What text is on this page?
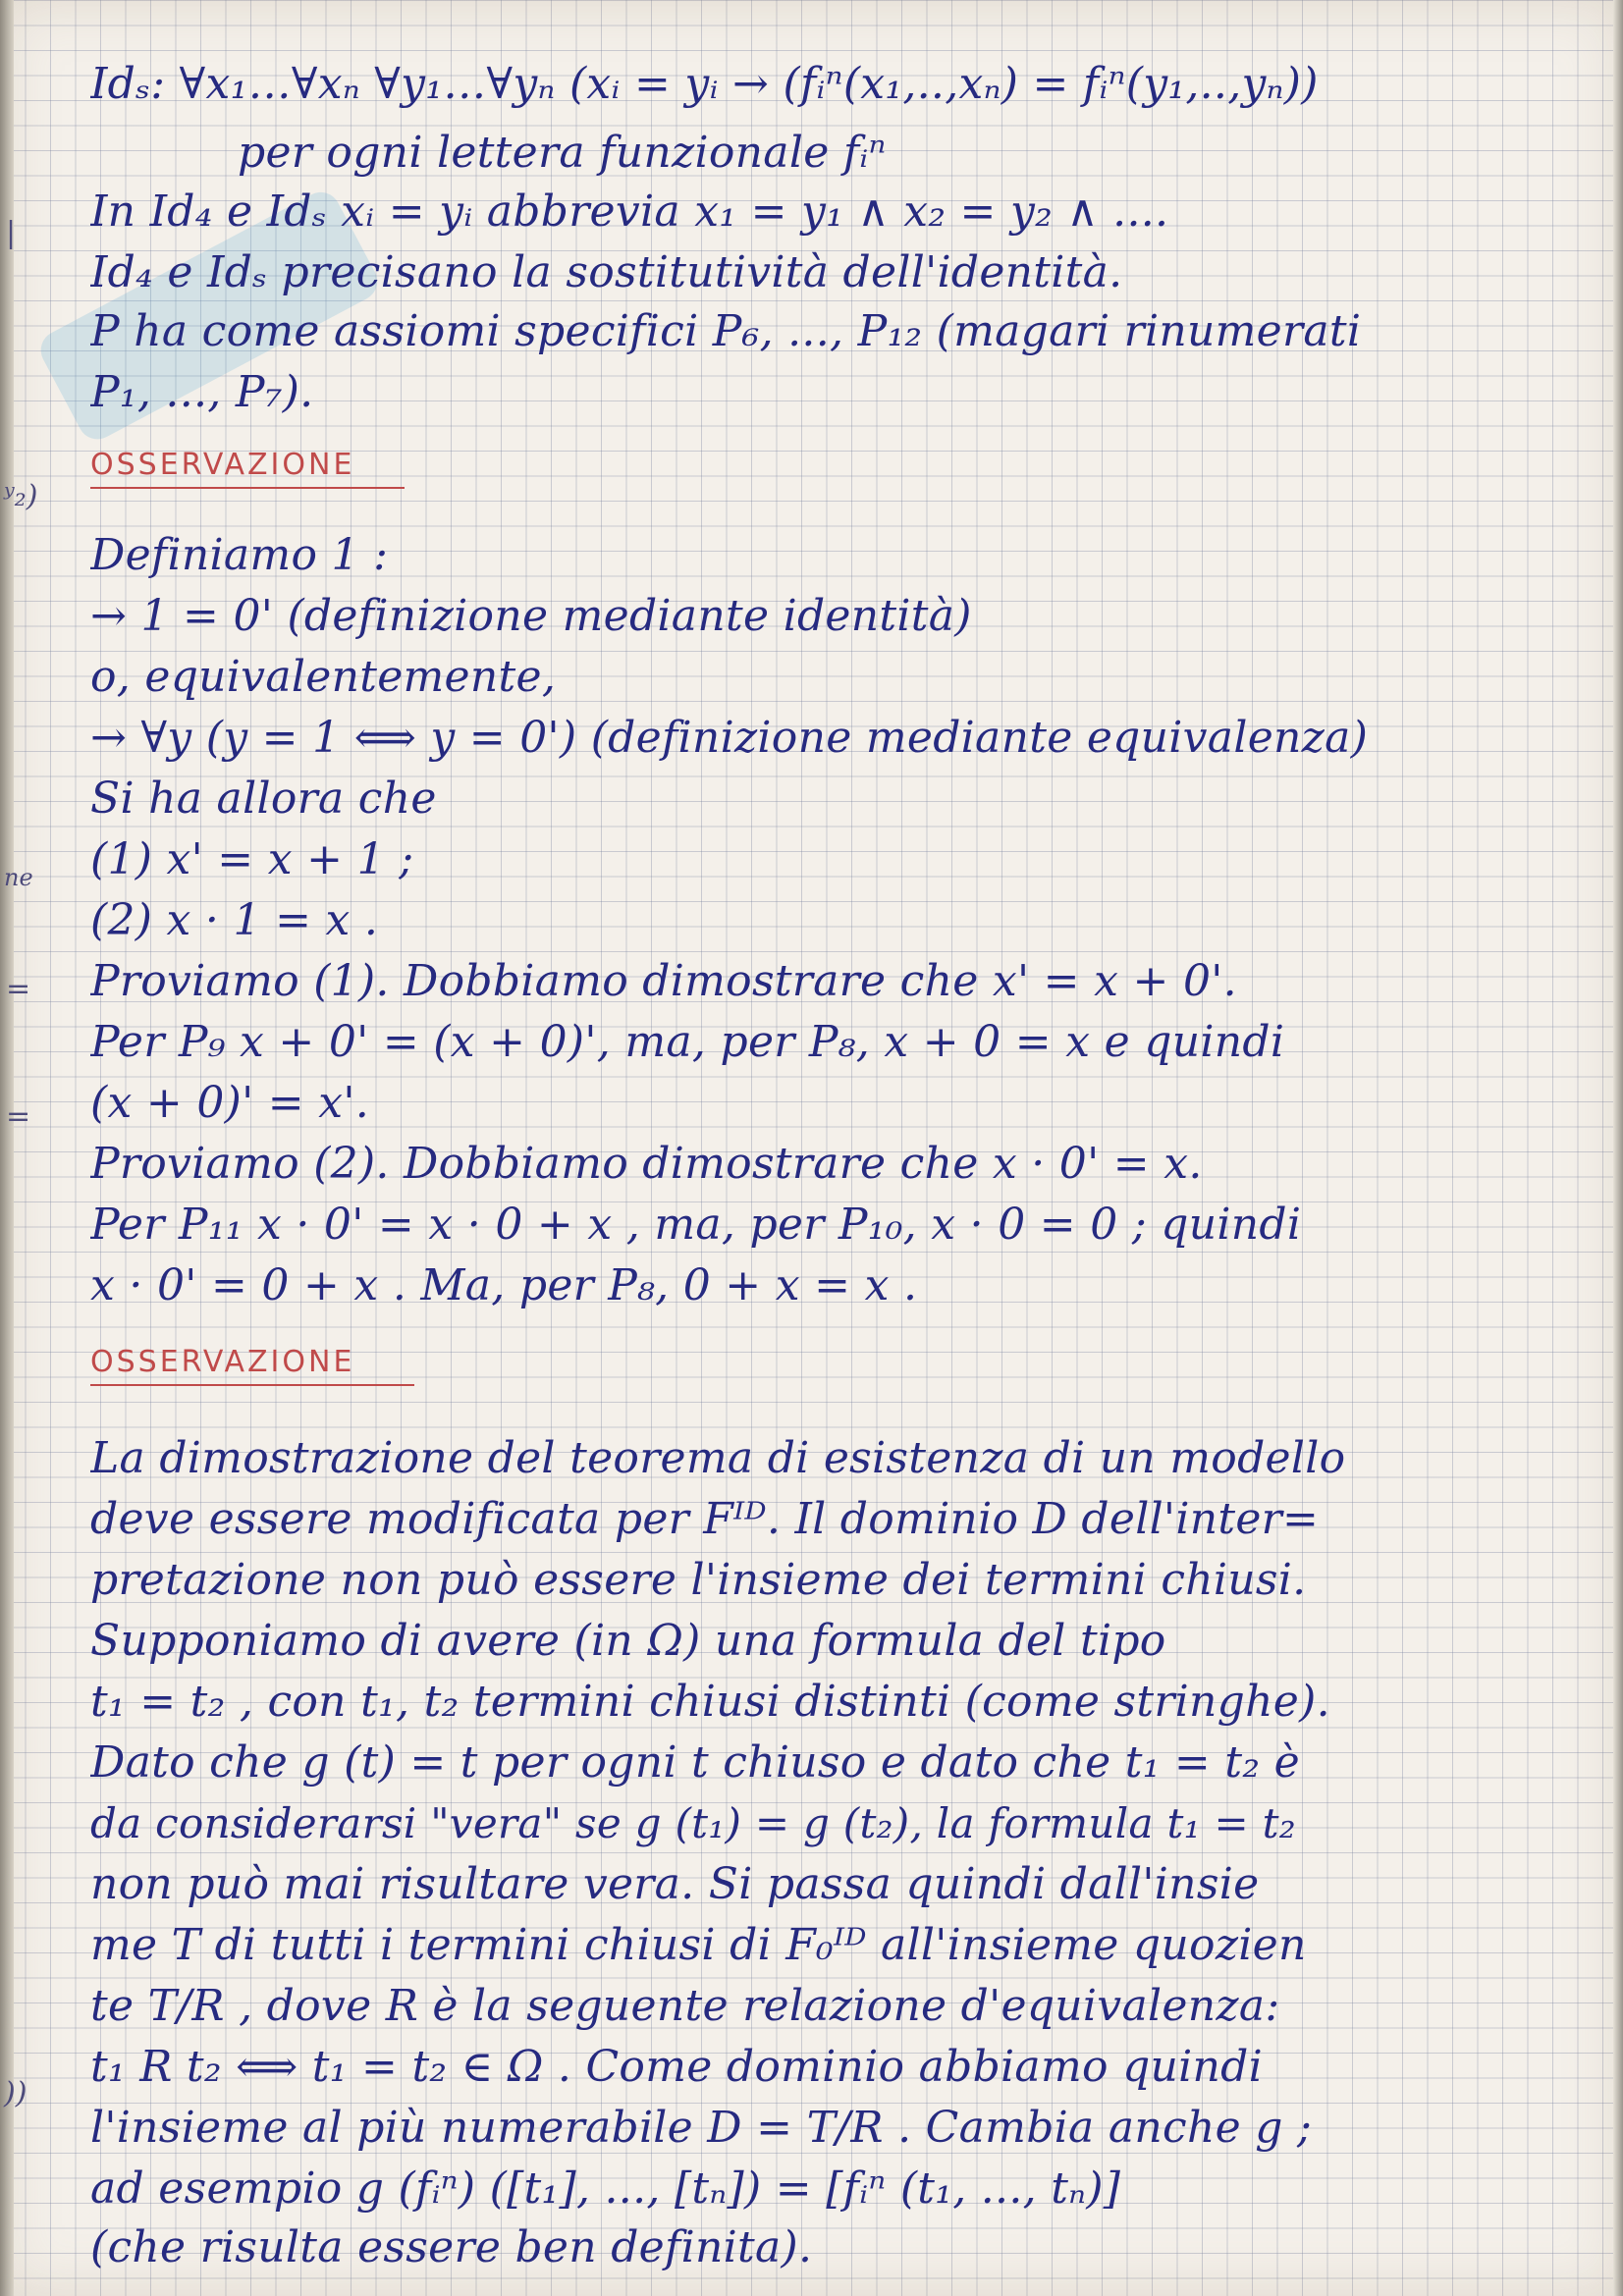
|
ʸ₂)
ne
=
=
))
Idₛ: ∀x₁…∀xₙ ∀y₁…∀yₙ (xᵢ = yᵢ → (fᵢⁿ(x₁,..,xₙ) = fᵢⁿ(y₁,..,yₙ))
per ogni lettera funzionale fᵢⁿ
In Id₄ e Idₛ xᵢ = yᵢ abbrevia x₁ = y₁ ∧ x₂ = y₂ ∧ ....
Id₄ e Idₛ precisano la sostitutività dell'identità.
P ha come assiomi specifici P₆, ..., P₁₂ (magari rinumerati
P₁, ..., P₇).
OSSERVAZIONE
Definiamo 1 :
→ 1 = 0' (definizione mediante identità)
o, equivalentemente,
→ ∀y (y = 1 ⟺ y = 0') (definizione mediante equivalenza)
Si ha allora che
(1) x' = x + 1 ;
(2) x · 1 = x .
Proviamo (1). Dobbiamo dimostrare che x' = x + 0'.
Per P₉ x + 0' = (x + 0)', ma, per P₈, x + 0 = x e quindi
(x + 0)' = x'.
Proviamo (2). Dobbiamo dimostrare che x · 0' = x.
Per P₁₁ x · 0' = x · 0 + x , ma, per P₁₀, x · 0 = 0 ; quindi
x · 0' = 0 + x . Ma, per P₈, 0 + x = x .
OSSERVAZIONE
La dimostrazione del teorema di esistenza di un modello
deve essere modificata per Fᴵᴰ. Il dominio D dell'inter=
pretazione non può essere l'insieme dei termini chiusi.
Supponiamo di avere (in Ω) una formula del tipo
t₁ = t₂ , con t₁, t₂ termini chiusi distinti (come stringhe).
Dato che g (t) = t per ogni t chiuso e dato che t₁ = t₂ è
da considerarsi "vera" se g (t₁) = g (t₂), la formula t₁ = t₂
non può mai risultare vera. Si passa quindi dall'insie
me T di tutti i termini chiusi di F₀ᴵᴰ all'insieme quozien
te T/R , dove R è la seguente relazione d'equivalenza:
t₁ R t₂ ⟺ t₁ = t₂ ∈ Ω . Come dominio abbiamo quindi
l'insieme al più numerabile D = T/R . Cambia anche g ;
ad esempio g (fᵢⁿ) ([t₁], ..., [tₙ]) = [fᵢⁿ (t₁, ..., tₙ)]
(che risulta essere ben definita).
